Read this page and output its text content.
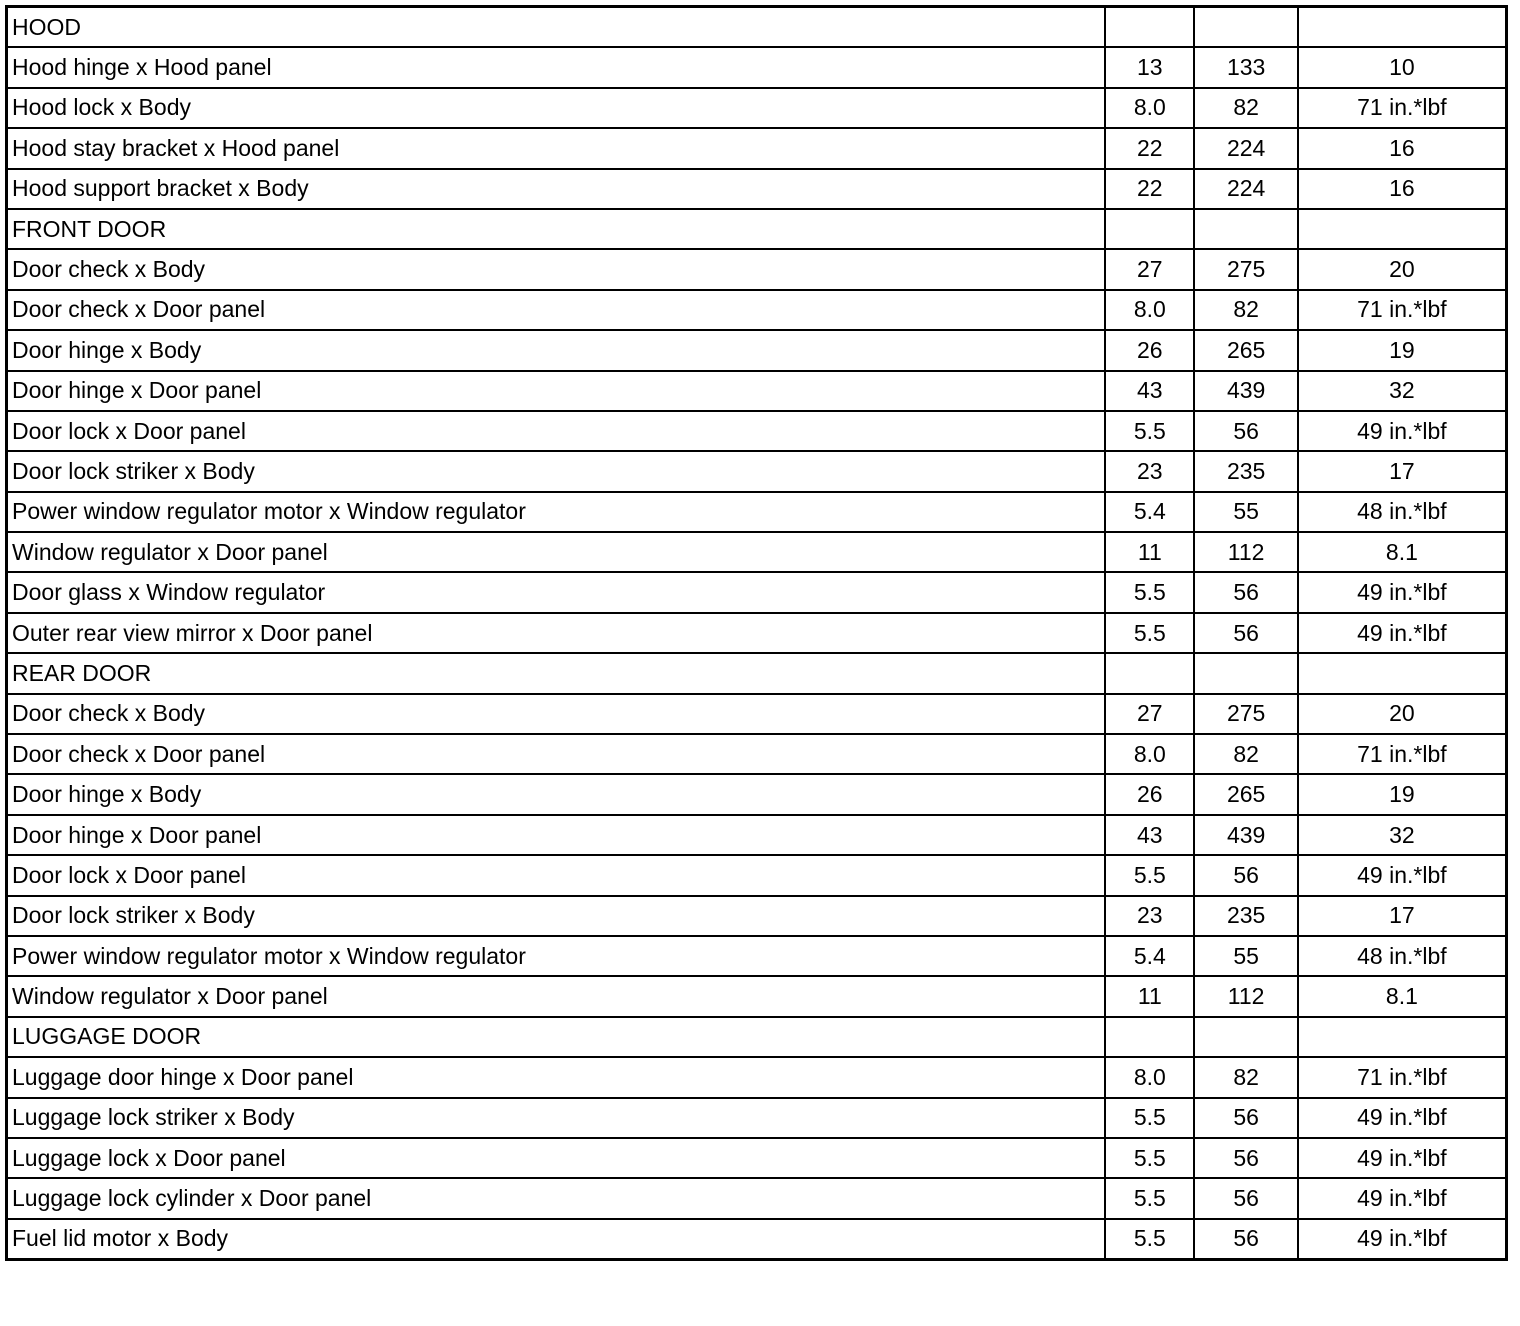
HOOD			
Hood hinge x Hood panel	13	133	10
Hood lock x Body	8.0	82	71 in.*lbf
Hood stay bracket x Hood panel	22	224	16
Hood support bracket x Body	22	224	16
FRONT DOOR			
Door check x Body	27	275	20
Door check x Door panel	8.0	82	71 in.*lbf
Door hinge x Body	26	265	19
Door hinge x Door panel	43	439	32
Door lock x Door panel	5.5	56	49 in.*lbf
Door lock striker x Body	23	235	17
Power window regulator motor x Window regulator	5.4	55	48 in.*lbf
Window regulator x Door panel	11	112	8.1
Door glass x Window regulator	5.5	56	49 in.*lbf
Outer rear view mirror x Door panel	5.5	56	49 in.*lbf
REAR DOOR			
Door check x Body	27	275	20
Door check x Door panel	8.0	82	71 in.*lbf
Door hinge x Body	26	265	19
Door hinge x Door panel	43	439	32
Door lock x Door panel	5.5	56	49 in.*lbf
Door lock striker x Body	23	235	17
Power window regulator motor x Window regulator	5.4	55	48 in.*lbf
Window regulator x Door panel	11	112	8.1
LUGGAGE DOOR			
Luggage door hinge x Door panel	8.0	82	71 in.*lbf
Luggage lock striker x Body	5.5	56	49 in.*lbf
Luggage lock x Door panel	5.5	56	49 in.*lbf
Luggage lock cylinder x Door panel	5.5	56	49 in.*lbf
Fuel lid motor x Body	5.5	56	49 in.*lbf
